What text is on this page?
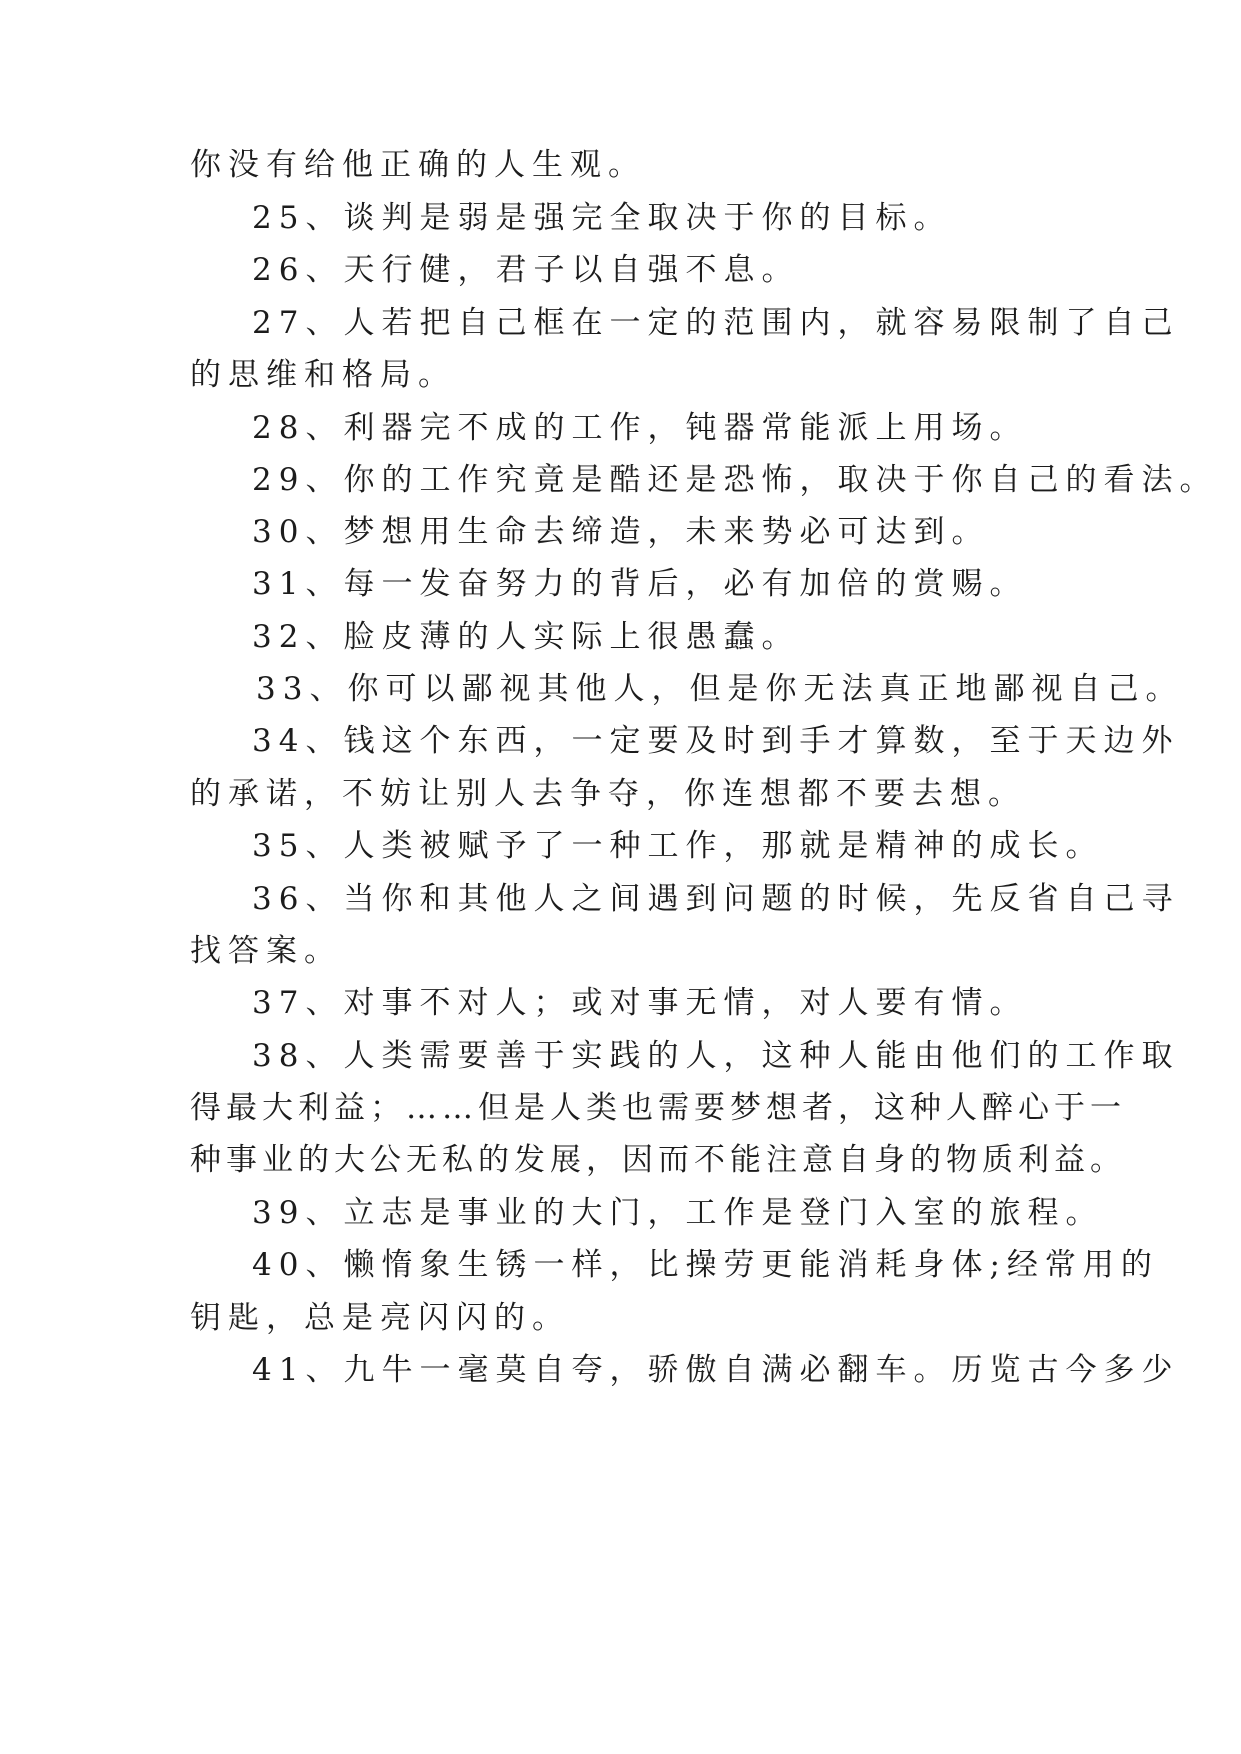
你没有给他正确的人生观。
25、谈判是弱是强完全取决于你的目标。
26、天行健，君子以自强不息。
27、人若把自己框在一定的范围内，就容易限制了自己
的思维和格局。
28、利器完不成的工作，钝器常能派上用场。
29、你的工作究竟是酷还是恐怖，取决于你自己的看法。
30、梦想用生命去缔造，未来势必可达到。
31、每一发奋努力的背后，必有加倍的赏赐。
32、脸皮薄的人实际上很愚蠢。
33、你可以鄙视其他人，但是你无法真正地鄙视自己。
34、钱这个东西，一定要及时到手才算数，至于天边外
的承诺，不妨让别人去争夺，你连想都不要去想。
35、人类被赋予了一种工作，那就是精神的成长。
36、当你和其他人之间遇到问题的时候，先反省自己寻
找答案。
37、对事不对人；或对事无情，对人要有情。
38、人类需要善于实践的人，这种人能由他们的工作取
得最大利益；……但是人类也需要梦想者，这种人醉心于一
种事业的大公无私的发展，因而不能注意自身的物质利益。
39、立志是事业的大门，工作是登门入室的旅程。
40、懒惰象生锈一样，比操劳更能消耗身体;经常用的
钥匙，总是亮闪闪的。
41、九牛一毫莫自夸，骄傲自满必翻车。历览古今多少
